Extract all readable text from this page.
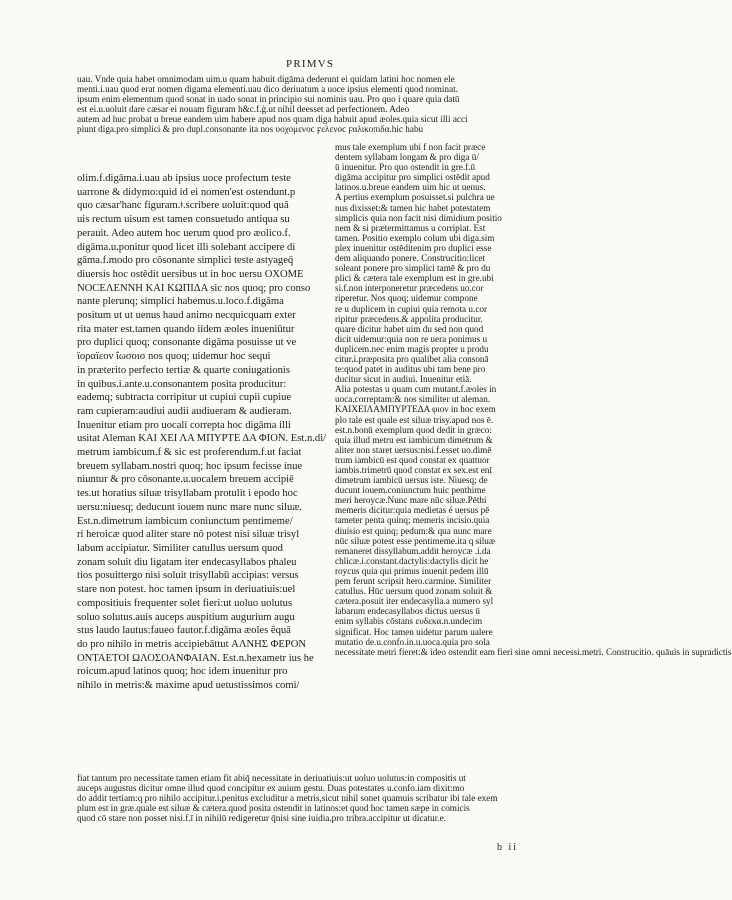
PRIMVS
uau. Vnde quia habet omnimodam uim.u quam habuit digāma dederunt ei quidam latini hoc nomen ele
menti.i.uau quod erat nomen digama elementi.uau dico deriuatum a uoce ipsius elementi quod nominat.
ipsum enim elementum quod sonat in uado sonat in principio sui nominis uau. Pro quo i quare quia datū
est ei.u.uoluit dare cæsar ei nouam figuram h&c.f.ġ.ut nihil deesset ad perfectionem. Adeo
autem ad huc probat u breue eandem uim habere apud nos quam diga habuit apud æoles.quia sicut illi acci
piunt diga.pro simplici & pro dupl.consonante ita nos υοχομενοϲ ϝελενοϲ ϝαλικοπιδα.hic habu
olim.f.digāma.i.uau ab ipsius uoce profectum teste
uarrone & didymo:quid id ei nomen'est ostendunt.p
quo cæsar'hanc figuram.ǂ.scribere uoluit:quod quā
uis rectum uisum est tamen consuetudo antiqua su
perauit. Adeo autem hoc uerum quod pro æolico.f.
digāma.u.ponitur quod licet illi solebant accipere di
gāma.f.modo pro cōsonante simplici teste astyageq̄
diuersis hoc ostēdit uersibus ut in hoc uersu ΟΧΟΜΕ
ΝΟϹΕΛΕΝΝΗ ΚΑΙ ΚΩΠΙΔΑ sic nos quoq; pro conso
nante plerunq; simplici habemus.u.loco.f.digāma
positum ut ut uenus haud animo necquicquam exter
rita mater est.tamen quando iidem æoles inueniūtur
pro duplici quoq; consonante digāma posuisse ut ve
ϊοραϊεον ΐωσοισ nos quoq; uidemur hoc sequi
in præterito perfecto tertiæ & quarte coniugationis
in quibus.i.ante.u.consonantem posita producitur:
eademq; subtracta corripitur ut cupiui cupii cupiue
ram cupieram:audiui audii audiueram & audieram.
Inuenitur etiam pro uocali correpta hoc digāma illi
usitat Aleman ΚΑΙ ΧΕΙ ΛΑ ΜΠΥΡΤΕ ΔΑ ΦΙΟΝ. Est.n.di/
metrum iambicum.f & sic est proferendum.f.ut faciat
breuem syllabam.nostri quoq; hoc ipsum fecisse inue
niuntur & pro cōsonante.u.uocalem breuem accipiē
tes.ut horatius siluæ trisyllabam protulit i epodo hoc
uersu:niuesq; deducunt iouem nunc mare nunc siluæ.
Est.n.dimetrum iambicum coniunctum pentimeme/
ri heroicæ quod aliter stare nō potest nisi siluæ trisyl
labum accipiatur. Similiter catullus uersum quod
zonam soluit diu ligatam iter endecasyllabos phaleu
tios posuittergo nisi soluit trisyllabū accipias: versus
stare non potest. hoc tamen ipsum in deriuatiuis:uel
compositiuis frequenter solet fieri:ut uoluo uolutus
soluo solutus.auis auceps auspitium augurium augu
stus laudo lautus:faueo fautor.f.digāma æoles ēquā
do pro nihilo in metris accipiebāttut ΑΛΝΗΣ ΦΕΡΟΝ
ΟΝΤΑΕΤΟΙ ΩΛΟΣΟΑΝΦΑΙΑΝ. Est.n.hexametr ius he
roicum.apud latinos quoq; hoc idem inuenitur pro
nihilo in metris:& maxime apud uetustissimos comi/
mus tale exemplum ubi f non facit præce
dentem syllabam longam & pro diga ū/
ū inuenitur. Pro quo ostendit in gre.f.ū
digāma accipitur pro simplici ostēdit apud
latinos.u.breue eandem uim hic ut uenus.
A pertius exemplum posuisset.si pulchra ue
nus dixisset:& tamen hic habet potestatem
simplicis quia non facit nisi dimidium positio
nem & si prætermittamus u corripiat. Est
tamen. Positio exemplo colum ubi diga.sim
plex inuenitur ostēditenim pro duplici esse
dem aliquando ponere. Construcitio:licet
soleant ponere pro simplici tamē & pro du
plici & cætera tale exemplum est in gre.ubi
si.f.non interponeretur præcedens uo.cor
riperetur. Nos quoq; uidemur compone
re u duplicem in cupiui quia remota u.cor
ripitur præcedens.& appolita producitur.
quare dicitur habet uim du sed non quod
dicit uidemur:quia non re uera ponimus u
duplicem.nec enim magis propter u produ
citur.i.præposita pro qualibet alia consonā
te:quod patet in auditus ubi tam bene pro
ducitur sicut in audiui. Inuenitur etiā.
Alia potestas u quam cum mutant.f.æoles in
uoca.correptam:& nos similiter ut aleman.
ΚΑΙΧΕΙΛΑΜΠΥΡΤΕΔΑ φιον in hoc exem
plo tale est quale est siluæ trisy.apud nos ē.
est.n.bonū exemplum quod dedit in græco:
quia illud metru est iambicum dimetrum &
aliter non staret uersus:nisi.f.esset uo.dimē
trum iambicū est quod constat ex quattuor
iambis.trimetrū quod constat ex sex.est enī
dimetrum iambicū uersus iste. Niuesq; de
ducunt iouem.coniunctum huic penthime
meri heroycæ.Nunc mare nūc siluæ.Pēthi
memeris dicitur:quia medietas é uersus pē
tameter penta quinq; memeris incisio.quia
diuisio est quinq; pedum:& qua nunc mare
nūc siluæ potest esse pentimeme.ita q siluæ
remaneret dissyllabum.addit heroycæ .i.da
chlicæ.i.constant.dactylis:dactylis dicit he
roycus quia qui primus inuenit pedem illū
pem ferunt scripsit hero.carmine. Similiter
catullus. Hūc uersum quod zonam soluit &
cætera.posuit iter endecasylla.a numero syl
labarum endecasyllabos dictus uersus ū
enim syllabis cōstans ευδεκα.n.undecim
significat. Hoc tamen uidetur parum ualere
mutatio de.u.confo.in.u.uoca.quia pro sola
necessitate metri fieret:& ideo ostendit eam fieri sine omni necessi.metri. Construcitio. quāuis in supradictis
fiat tantum pro necessitate tamen etiam fit abiq̄ necessitate in deriuatiuis:ut uoluo uolutus:in compositis ut
auceps augustus dicitur omne illud quod concipitur ex auium gestu. Duas potestates u.confo.iam dixit:mo
do addit tertiam:q pro nihilo accipitur.i.penitus excluditur a metris,sicut nihil sonet quamuis scribatur ibi tale exem
plum est in græ.quale est siluæ & cætera.quod posita ostendit in latinos:et quod hoc tamen sæpe in comicis
quod cō stare non posset nisi.f.ī in nihilū redigeretur q̄nisi sine iuidia.pro tribra.accipitur ut dicatur.e.
b ii
